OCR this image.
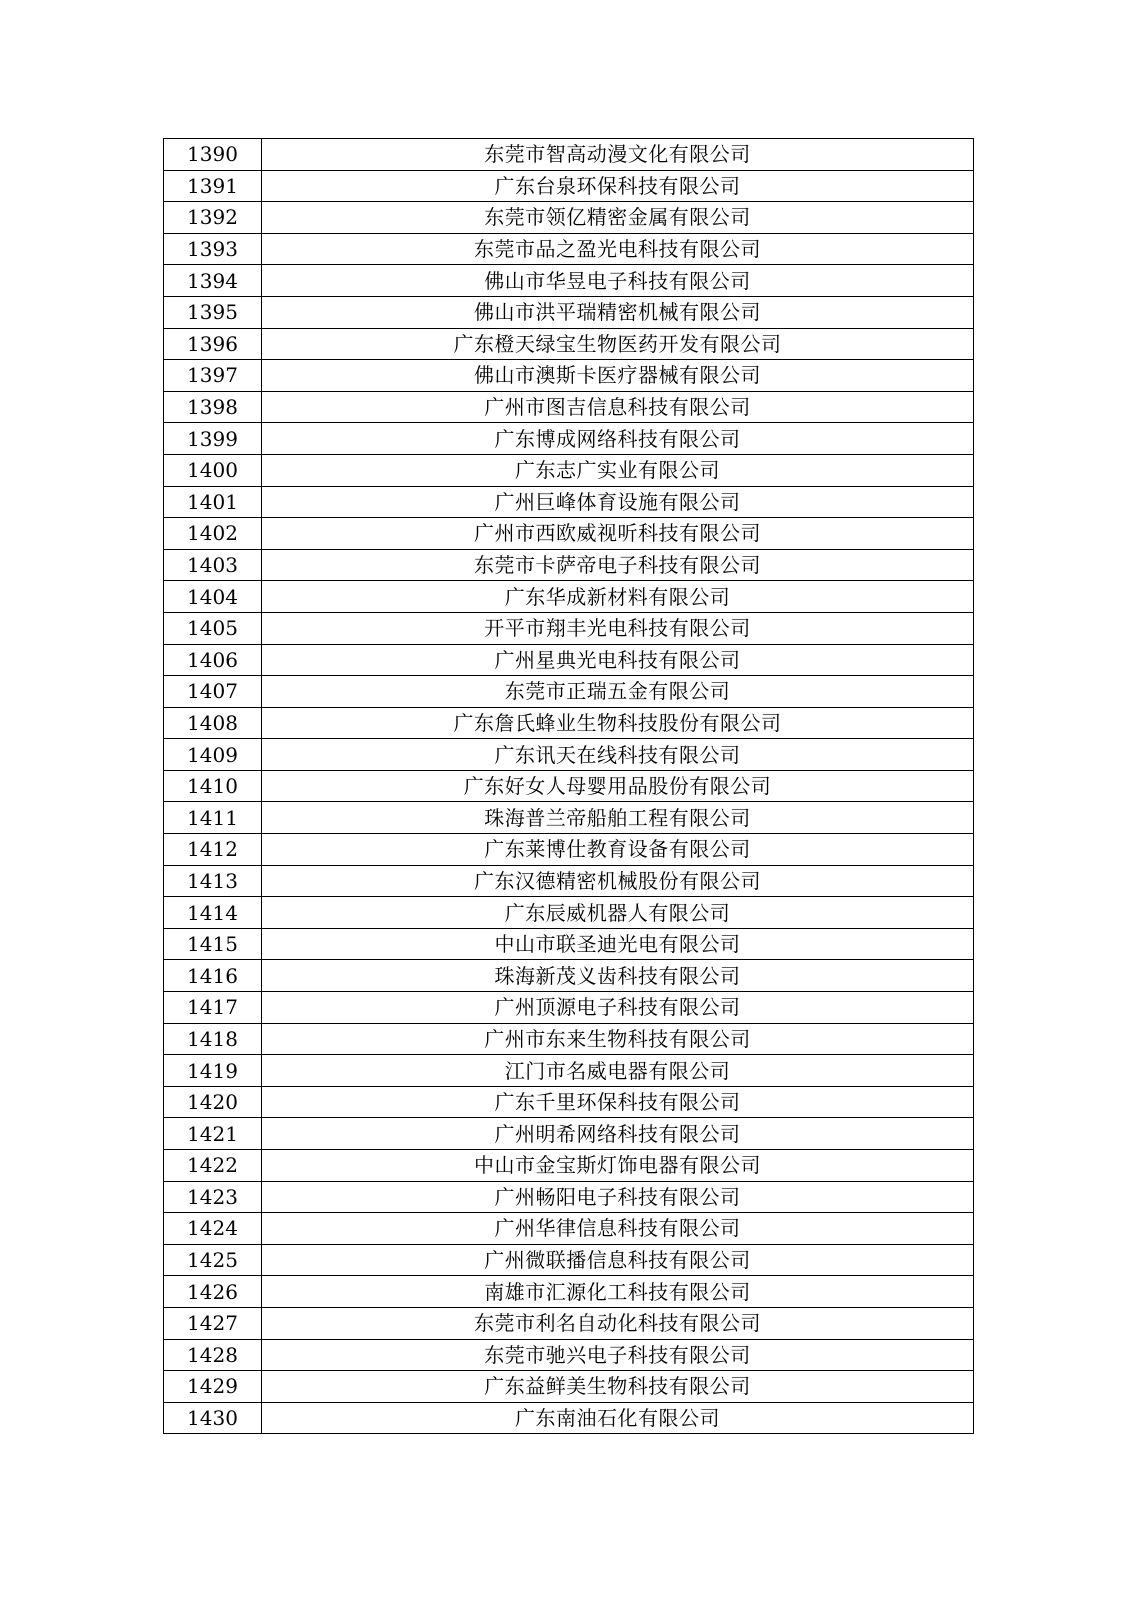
1390	东莞市智高动漫文化有限公司
1391	广东台泉环保科技有限公司
1392	东莞市领亿精密金属有限公司
1393	东莞市品之盈光电科技有限公司
1394	佛山市华昱电子科技有限公司
1395	佛山市洪平瑞精密机械有限公司
1396	广东橙天绿宝生物医药开发有限公司
1397	佛山市澳斯卡医疗器械有限公司
1398	广州市图吉信息科技有限公司
1399	广东博成网络科技有限公司
1400	广东志广实业有限公司
1401	广州巨峰体育设施有限公司
1402	广州市西欧威视听科技有限公司
1403	东莞市卡萨帝电子科技有限公司
1404	广东华成新材料有限公司
1405	开平市翔丰光电科技有限公司
1406	广州星典光电科技有限公司
1407	东莞市正瑞五金有限公司
1408	广东詹氏蜂业生物科技股份有限公司
1409	广东讯天在线科技有限公司
1410	广东好女人母婴用品股份有限公司
1411	珠海普兰帝船舶工程有限公司
1412	广东莱博仕教育设备有限公司
1413	广东汉德精密机械股份有限公司
1414	广东辰威机器人有限公司
1415	中山市联圣迪光电有限公司
1416	珠海新茂义齿科技有限公司
1417	广州顶源电子科技有限公司
1418	广州市东来生物科技有限公司
1419	江门市名威电器有限公司
1420	广东千里环保科技有限公司
1421	广州明希网络科技有限公司
1422	中山市金宝斯灯饰电器有限公司
1423	广州畅阳电子科技有限公司
1424	广州华律信息科技有限公司
1425	广州微联播信息科技有限公司
1426	南雄市汇源化工科技有限公司
1427	东莞市利名自动化科技有限公司
1428	东莞市驰兴电子科技有限公司
1429	广东益鲜美生物科技有限公司
1430	广东南油石化有限公司
